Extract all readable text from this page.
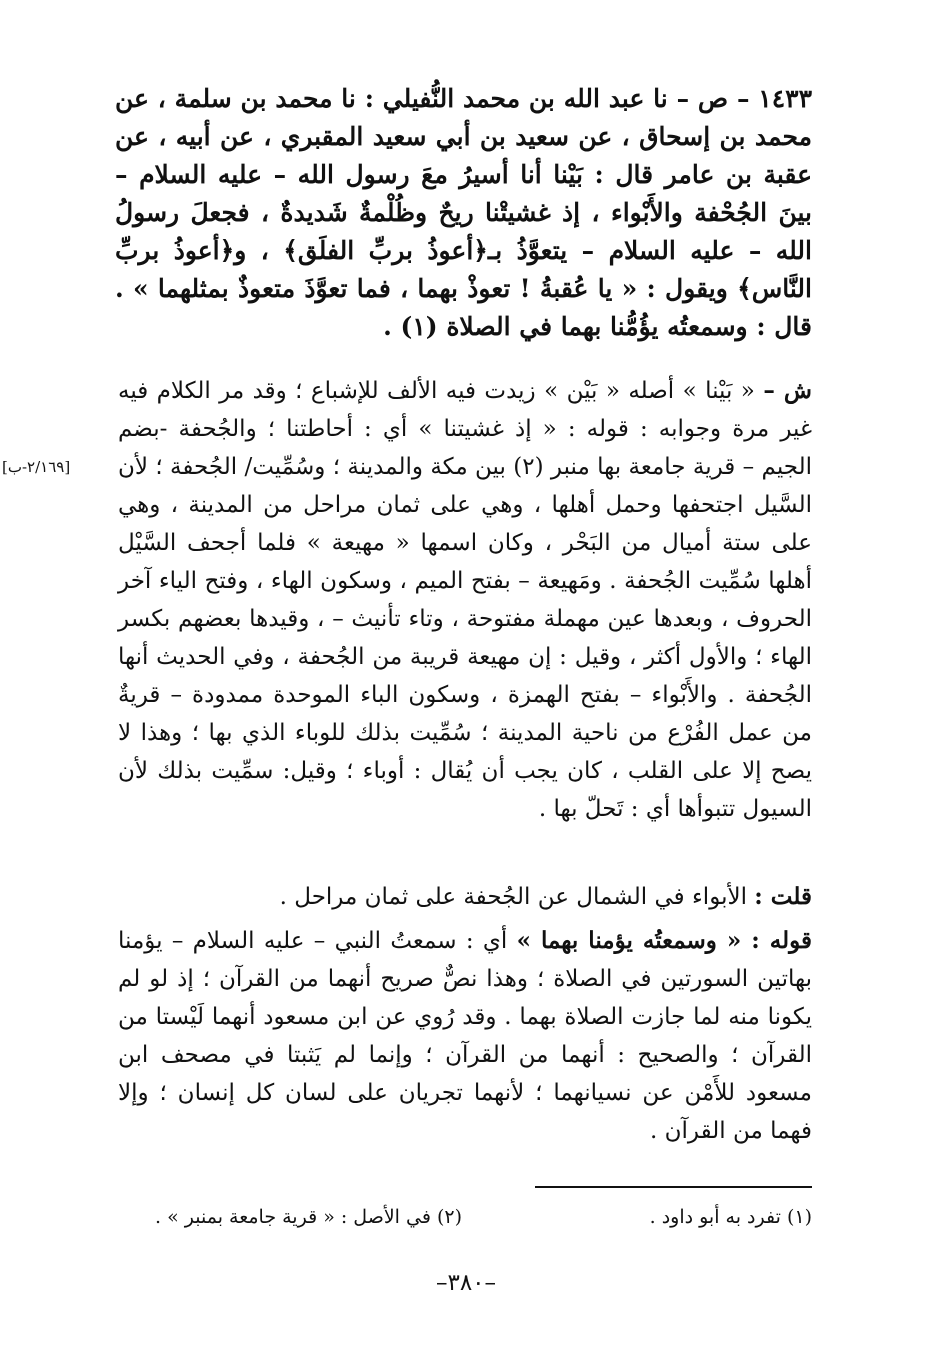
١٤٣٣ – ص – نا عبد الله بن محمد النُّفيلي : نا محمد بن سلمة ، عن محمد بن إسحاق ، عن سعيد بن أبي سعيد المقبري ، عن أبيه ، عن عقبة بن عامر قال : بَيْنا أنا أسيرُ معَ رسول الله – عليه السلام – بينَ الجُحْفة والأَبْواء ، إذ غشيتْنا ريحٌ وظُلْمةٌ شَديدةٌ ، فجعلَ رسولُ الله – عليه السلام – يتعوَّذُ بـ﴿أعوذُ بربِّ الفلَق﴾ ، و﴿أعوذُ بربِّ النَّاس﴾ ويقول : « يا عُقبةُ ! تعوذْ بهما ، فما تعوَّذَ متعوذٌ بمثلهما » . قال : وسمعتُه يؤُمُّنا بهما في الصلاة (١) .
[٢/١٦٩-ب]
ش – « بَيْنا » أصله « بَيْن » زيدت فيه الألف للإشباع ؛ وقد مر الكلام فيه غير مرة وجوابه : قوله : « إذ غشيتنا » أي : أحاطتنا ؛ والجُحفة -بضم الجيم – قرية جامعة بها منبر (٢) بين مكة والمدينة ؛ وسُمِّيت/ الجُحفة ؛ لأن السَّيل اجتحفها وحمل أهلها ، وهي على ثمان مراحل من المدينة ، وهي على ستة أميال من البَحْر ، وكان اسمها « مهيعة » فلما أجحف السَّيْل أهلها سُمِّيت الجُحفة . ومَهيعة – بفتح الميم ، وسكون الهاء ، وفتح الياء آخر الحروف ، وبعدها عين مهملة مفتوحة ، وتاء تأنيث – ، وقيدها بعضهم بكسر الهاء ؛ والأول أكثر ، وقيل : إن مهيعة قريبة من الجُحفة ، وفي الحديث أنها الجُحفة . والأَبْواء – بفتح الهمزة ، وسكون الباء الموحدة ممدودة – قريةٌ من عمل الفُرْع من ناحية المدينة ؛ سُمِّيت بذلك للوباء الذي بها ؛ وهذا لا يصح إلا على القلب ، كان يجب أن يُقال : أوباء ؛ وقيل: سمِّيت بذلك لأن السيول تتبوأها أي : تَحلّ بها .
قلت : الأبواء في الشمال عن الجُحفة على ثمان مراحل .
قوله : « وسمعتُه يؤمنا بهما » أي : سمعتُ النبي – عليه السلام – يؤمنا بهاتين السورتين في الصلاة ؛ وهذا نصٌّ صريح أنهما من القرآن ؛ إذ لو لم يكونا منه لما جازت الصلاة بهما . وقد رُوي عن ابن مسعود أنهما لَيْستا من القرآن ؛ والصحيح : أنهما من القرآن ؛ وإنما لم يَثبتا في مصحف ابن مسعود للأَمْن عن نسيانهما ؛ لأنهما تجريان على لسان كل إنسان ؛ وإلا فهما من القرآن .
(١) تفرد به أبو داود .
(٢) في الأصل : « قرية جامعة بمنبر » .
–٣٨٠–
